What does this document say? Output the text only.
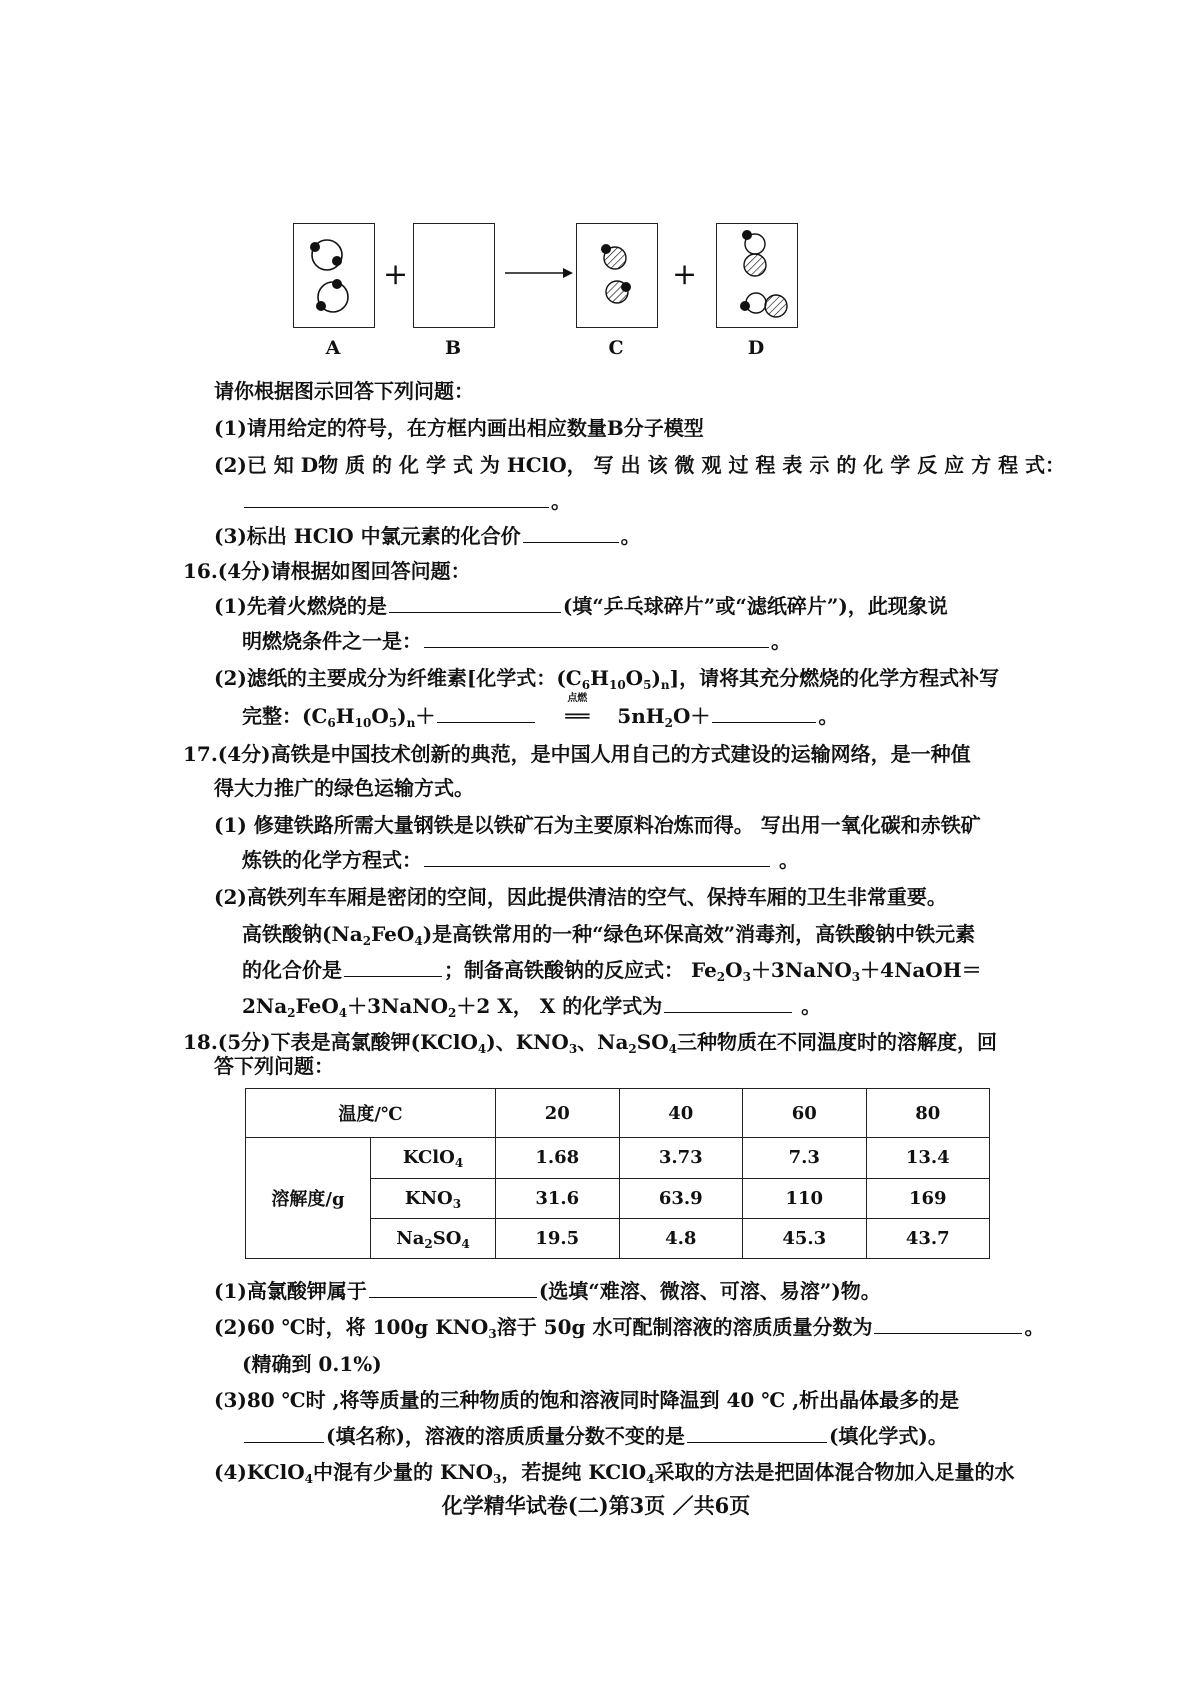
+	+
A	B	C	D
请你根据图示回答下列问题：
(1)请用给定的符号，在方框内画出相应数量B分子模型
(2)已 知 D物 质 的 化 学 式 为 HClO， 写 出 该 微 观 过 程 表 示 的 化 学 反 应 方 程 式：
。
(3)标出 HClO 中氯元素的化合价	。
16.(4分)请根据如图回答问题：
(1)先着火燃烧的是	(填“乒乓球碎片”或“滤纸碎片”)，此现象说
明燃烧条件之一是：	。
(2)滤纸的主要成分为纤维素[化学式：$(C_6H_{10}O_5)_n$]，请将其充分燃烧的化学方程式补写
完整：$(C_6H_{10}O_5)_n+$
点燃
══ $5nH_2O+$	。
17.(4分)高铁是中国技术创新的典范，是中国人用自己的方式建设的运输网络，是一种值
得大力推广的绿色运输方式。
(1) 修建铁路所需大量钢铁是以铁矿石为主要原料冶炼而得。 写出用一氧化碳和赤铁矿
炼铁的化学方程式：	。
(2)高铁列车车厢是密闭的空间，因此提供清洁的空气、保持车厢的卫生非常重要。
高铁酸钠$(Na_2FeO_4)$是高铁常用的一种“绿色环保高效”消毒剂，高铁酸钠中铁元素
的化合价是	；制备高铁酸钠的反应式： $Fe_2O_3+3NaNO_3+4NaOH=$
$2Na_2FeO_4+3NaNO_2+2$ X， X 的化学式为	。
18.(5分)下表是高氯酸钾(KClO$_4$)、$KNO_3$、$Na_2SO_4$三种物质在不同温度时的溶解度，回
答下列问题：
温度/℃		20	40	60	80
溶解度/g	KClO$_4$	1.68	3.73	7.3	13.4
	$KNO_3$	31.6	63.9	110	169
	$Na_2SO_4$	19.5	4.8	45.3	43.7
(1)高氯酸钾属于	(选填“难溶、微溶、可溶、易溶”)物。
(2)60 ℃时，将 100g $KNO_3$溶于 50g 水可配制溶液的溶质质量分数为	。
(精确到 0.1%)
(3)80 ℃时 ,将等质量的三种物质的饱和溶液同时降温到 40 ℃ ,析出晶体最多的是
(填名称)，溶液的溶质质量分数不变的是	(填化学式)。
(4)KClO$_4$中混有少量的 $KNO_3$，若提纯 KClO$_4$采取的方法是把固体混合物加入足量的水
化学精华试卷(二)第3页 ／共6页
